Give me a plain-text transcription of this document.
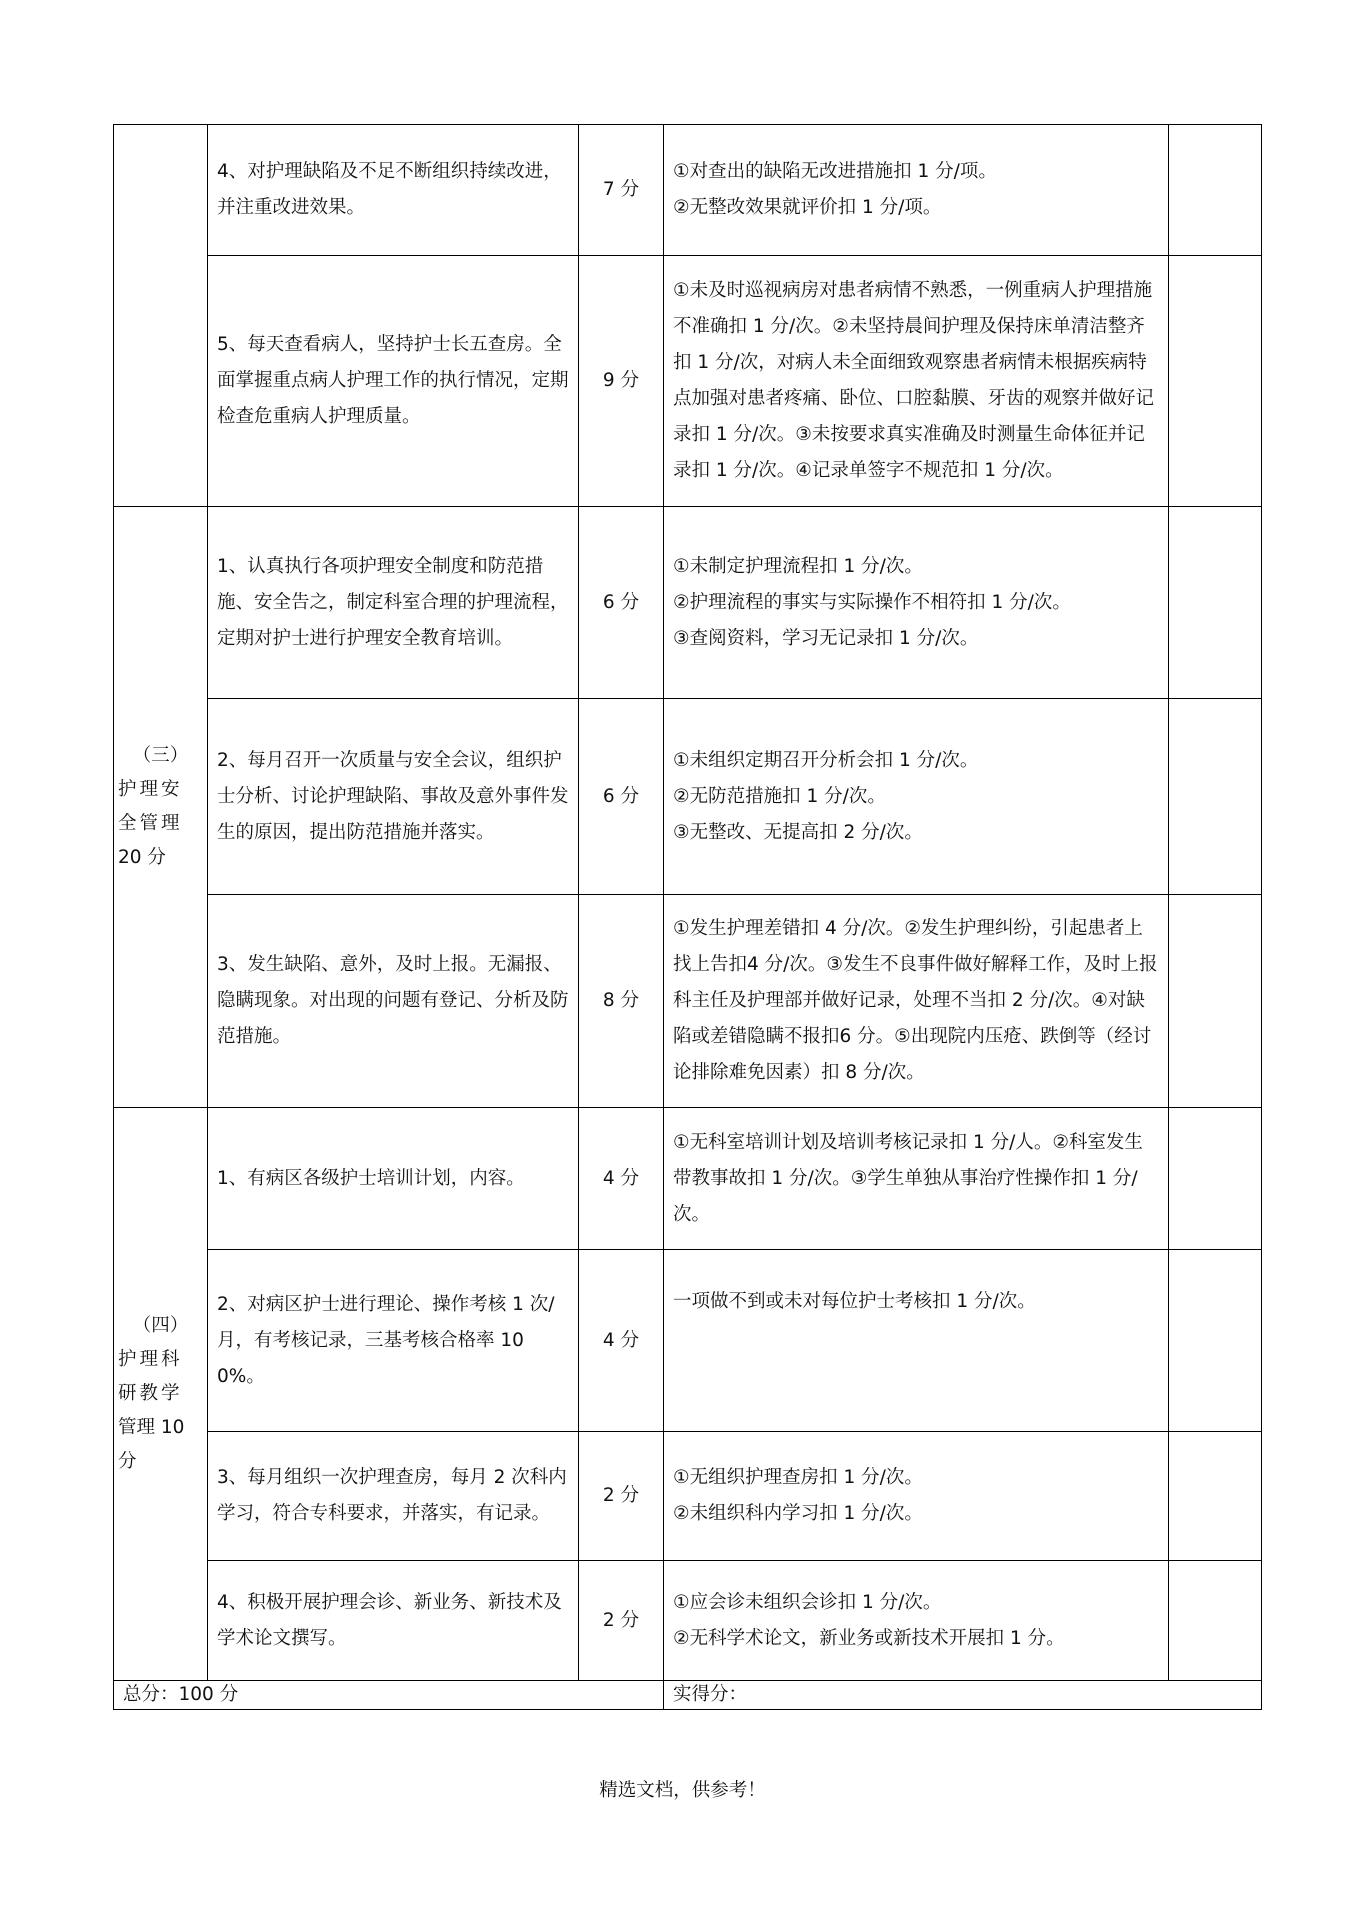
	4、对护理缺陷及不足不断组织持续改进，并注重改进效果。	7 分	①对查出的缺陷无改进措施扣 1 分/项。
②无整改效果就评价扣 1 分/项。	

	5、每天查看病人，坚持护士长五查房。全面掌握重点病人护理工作的执行情况，定期检查危重病人护理质量。	9 分	①未及时巡视病房对患者病情不熟悉，一例重病人护理措施不准确扣 1 分/次。②未坚持晨间护理及保持床单清洁整齐扣 1 分/次，对病人未全面细致观察患者病情未根据疾病特点加强对患者疼痛、卧位、口腔黏膜、牙齿的观察并做好记录扣 1 分/次。③未按要求真实准确及时测量生命体征并记录扣 1 分/次。④记录单签字不规范扣 1 分/次。	

（三）
护理安
全管理
20 分	1、认真执行各项护理安全制度和防范措施、安全告之，制定科室合理的护理流程，定期对护士进行护理安全教育培训。	6 分	①未制定护理流程扣 1 分/次。
②护理流程的事实与实际操作不相符扣 1 分/次。
③查阅资料，学习无记录扣 1 分/次。	

	2、每月召开一次质量与安全会议，组织护士分析、讨论护理缺陷、事故及意外事件发生的原因，提出防范措施并落实。	6 分	①未组织定期召开分析会扣 1 分/次。
②无防范措施扣 1 分/次。
③无整改、无提高扣 2 分/次。	

	3、发生缺陷、意外，及时上报。无漏报、隐瞒现象。对出现的问题有登记、分析及防范措施。	8 分	①发生护理差错扣 4 分/次。②发生护理纠纷，引起患者上找上告扣4 分/次。③发生不良事件做好解释工作，及时上报科主任及护理部并做好记录，处理不当扣 2 分/次。④对缺陷或差错隐瞒不报扣6 分。⑤出现院内压疮、跌倒等（经讨论排除难免因素）扣 8 分/次。	

（四）
护理科
研教学
管理 10
分	1、有病区各级护士培训计划，内容。	4 分	①无科室培训计划及培训考核记录扣 1 分/人。②科室发生带教事故扣 1 分/次。③学生单独从事治疗性操作扣 1 分/次。	

	2、对病区护士进行理论、操作考核 1 次/月，有考核记录，三基考核合格率 100%。	4 分	一项做不到或未对每位护士考核扣 1 分/次。	

	3、每月组织一次护理查房，每月 2 次科内学习，符合专科要求，并落实，有记录。	2 分	①无组织护理查房扣 1 分/次。
②未组织科内学习扣 1 分/次。	

	4、积极开展护理会诊、新业务、新技术及学术论文撰写。	2 分	①应会诊未组织会诊扣 1 分/次。
②无科学术论文，新业务或新技术开展扣 1 分。	

总分：100 分			实得分：	
精选文档，供参考！
